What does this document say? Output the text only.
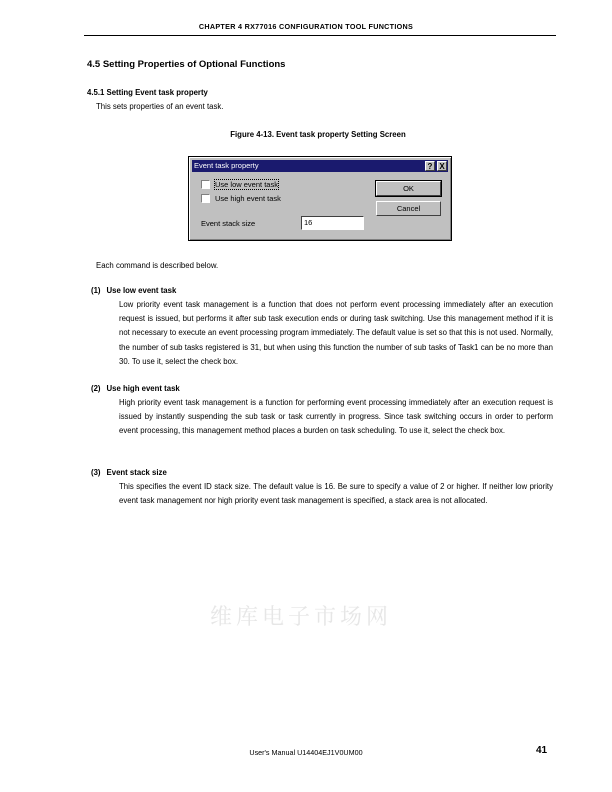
CHAPTER 4 RX77016 CONFIGURATION TOOL FUNCTIONS
4.5 Setting Properties of Optional Functions
4.5.1 Setting Event task property
This sets properties of an event task.
Figure 4-13. Event task property Setting Screen
Event task property	? X
Use low event task
Use high event task
Event stack size	16
OK
Cancel
Each command is described below.
(1) Use low event task

Low priority event task management is a function that does not perform event processing immediately after an execution request is issued, but performs it after sub task execution ends or during task switching. Use this management method if it is not necessary to execute an event processing program immediately. The default value is set so that this is not used. Normally, the number of sub tasks registered is 31, but when using this function the number of sub tasks of Task1 can be no more than 30. To use it, select the check box.

(2) Use high event task

High priority event task management is a function for performing event processing immediately after an execution request is issued by instantly suspending the sub task or task currently in progress. Since task switching occurs in order to perform event processing, this management method places a burden on task scheduling. To use it, select the check box.

(3) Event stack size

This specifies the event ID stack size. The default value is 16. Be sure to specify a value of 2 or higher. If neither low priority event task management nor high priority event task management is specified, a stack area is not allocated.

维库电子市场网
User's Manual U14404EJ1V0UM00	41
